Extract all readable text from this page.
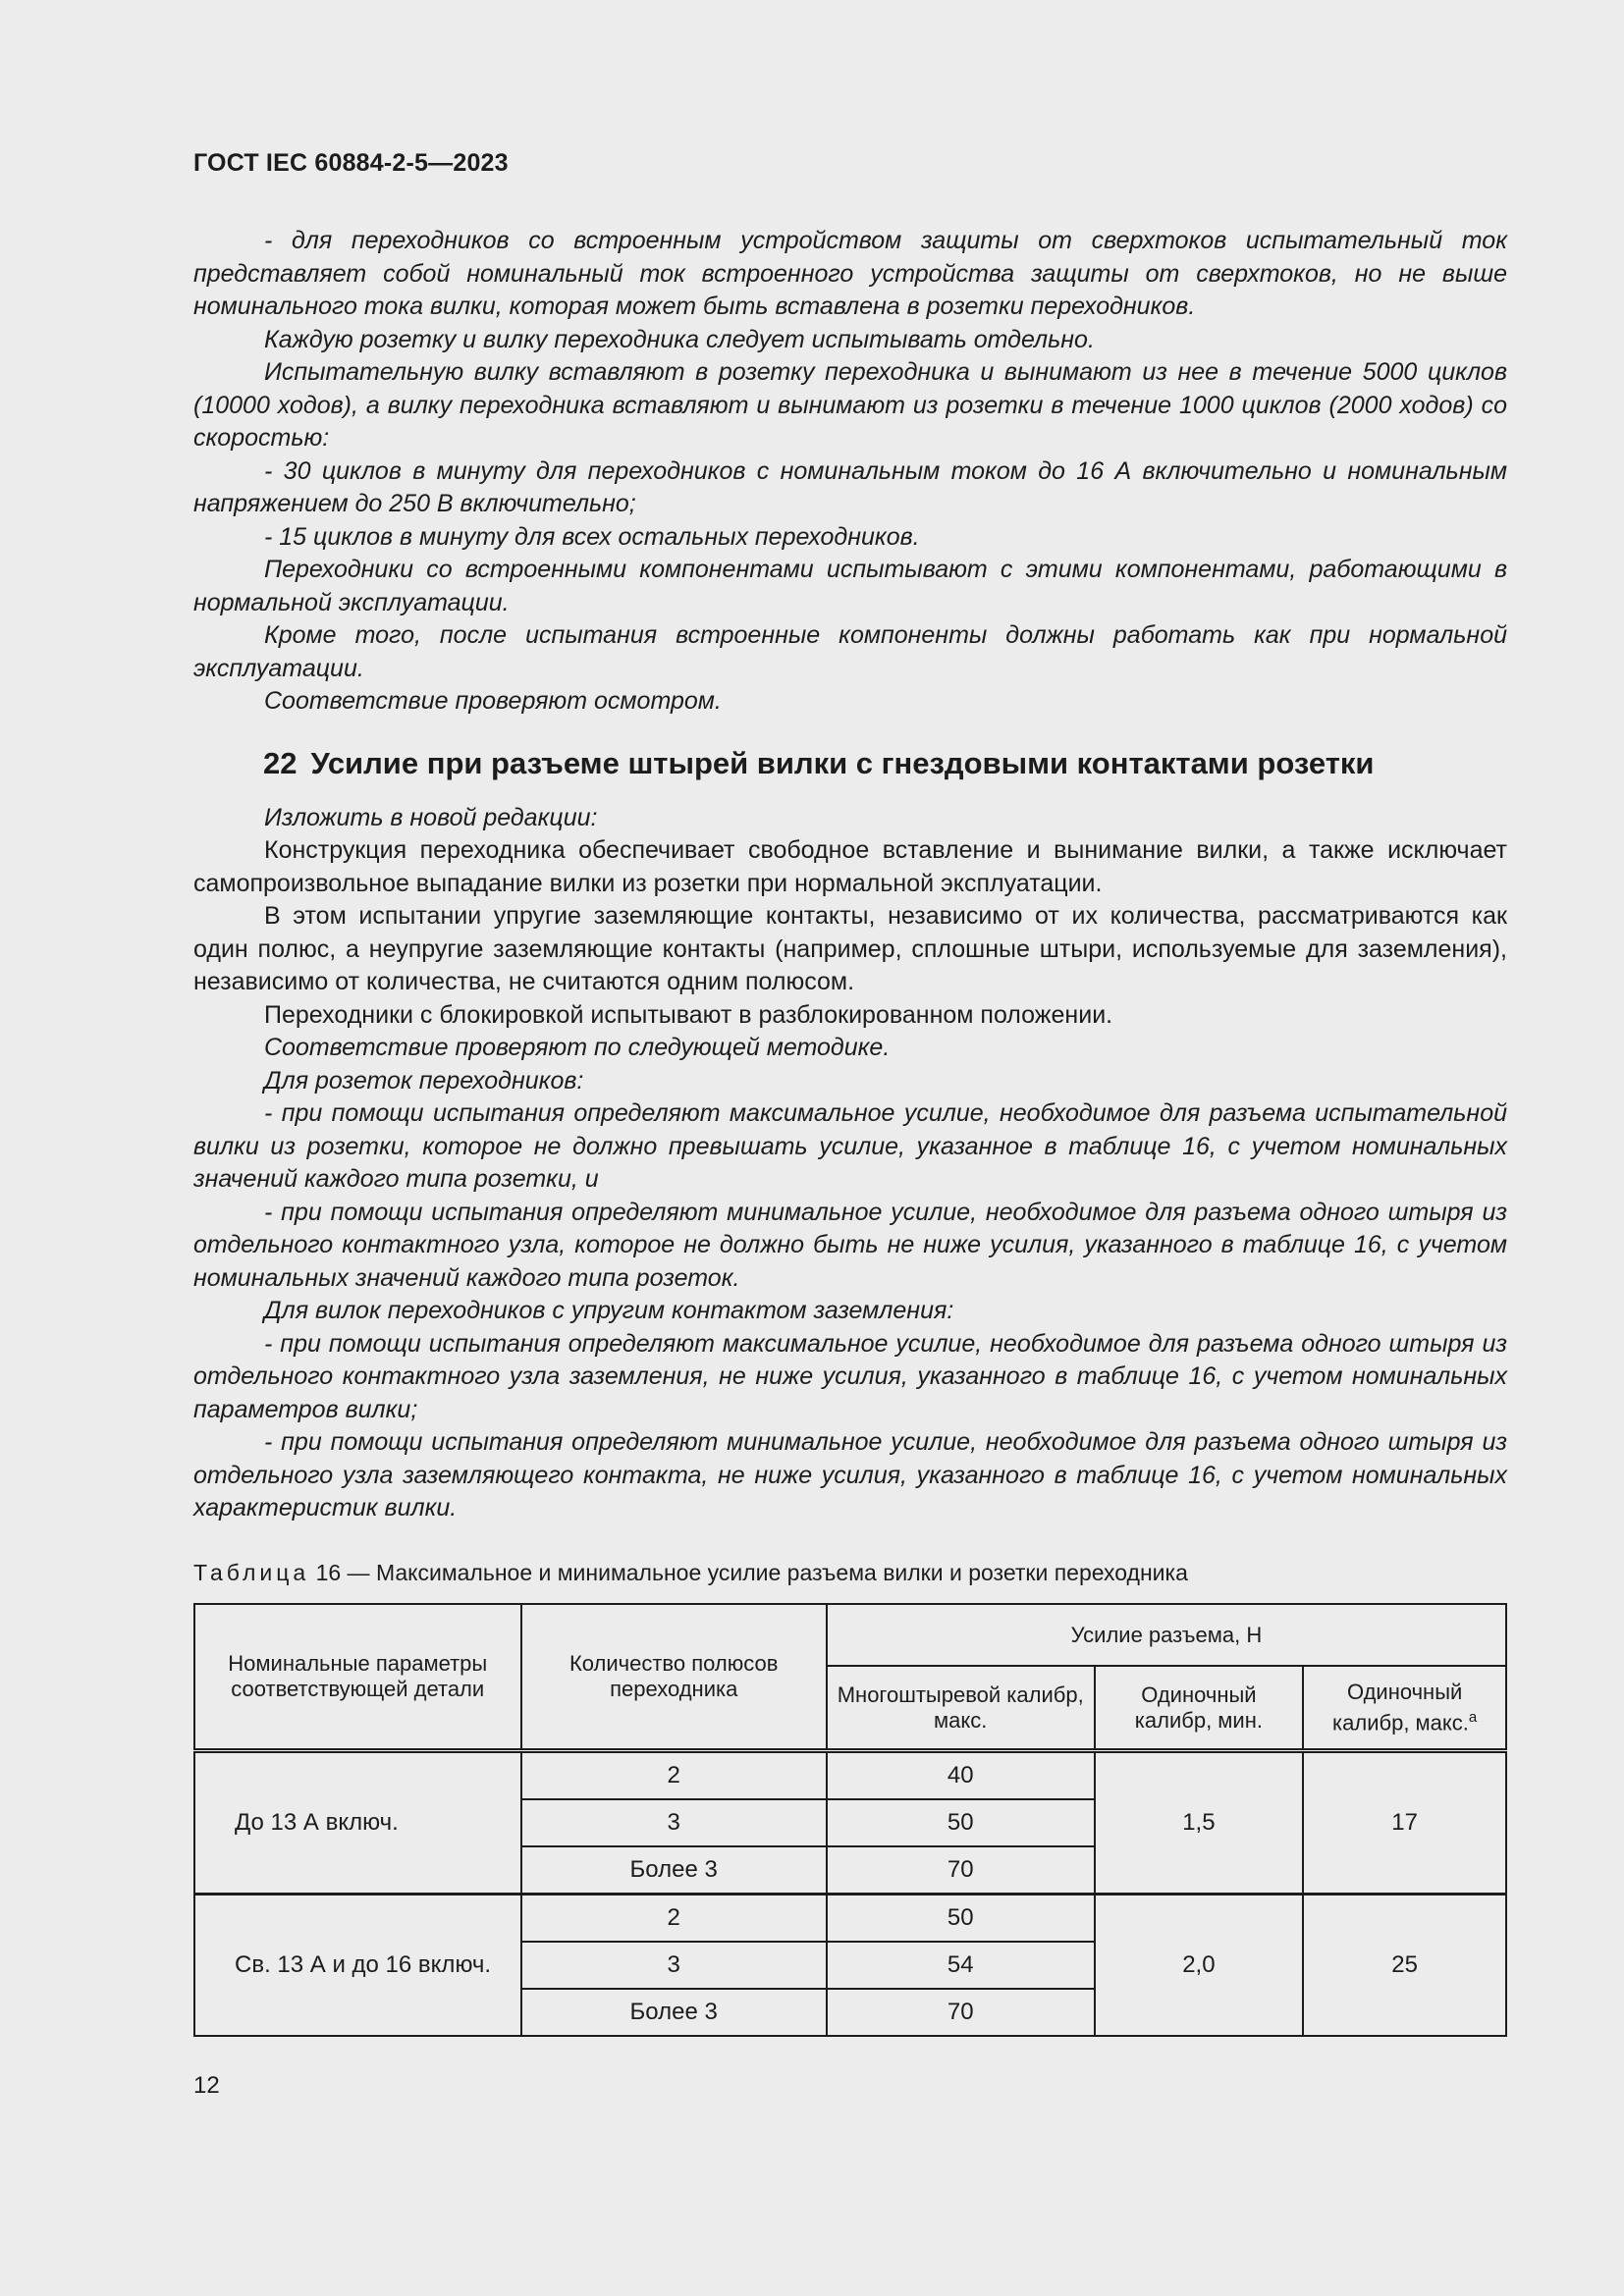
ГОСТ IEC 60884-2-5—2023

- для переходников со встроенным устройством защиты от сверхтоков испытательный ток представляет собой номинальный ток встроенного устройства защиты от сверхтоков, но не выше номинального тока вилки, которая может быть вставлена в розетки переходников.

Каждую розетку и вилку переходника следует испытывать отдельно.

Испытательную вилку вставляют в розетку переходника и вынимают из нее в течение 5000 циклов (10000 ходов), а вилку переходника вставляют и вынимают из розетки в течение 1000 циклов (2000 ходов) со скоростью:

- 30 циклов в минуту для переходников с номинальным током до 16 А включительно и номинальным напряжением до 250 В включительно;

- 15 циклов в минуту для всех остальных переходников.

Переходники со встроенными компонентами испытывают с этими компонентами, работающими в нормальной эксплуатации.

Кроме того, после испытания встроенные компоненты должны работать как при нормальной эксплуатации.

Соответствие проверяют осмотром.

22 Усилие при разъеме штырей вилки с гнездовыми контактами розетки

Изложить в новой редакции:

Конструкция переходника обеспечивает свободное вставление и вынимание вилки, а также исключает самопроизвольное выпадание вилки из розетки при нормальной эксплуатации.

В этом испытании упругие заземляющие контакты, независимо от их количества, рассматриваются как один полюс, а неупругие заземляющие контакты (например, сплошные штыри, используемые для заземления), независимо от количества, не считаются одним полюсом.

Переходники с блокировкой испытывают в разблокированном положении.

Соответствие проверяют по следующей методике.

Для розеток переходников:

- при помощи испытания определяют максимальное усилие, необходимое для разъема испытательной вилки из розетки, которое не должно превышать усилие, указанное в таблице 16, с учетом номинальных значений каждого типа розетки, и

- при помощи испытания определяют минимальное усилие, необходимое для разъема одного штыря из отдельного контактного узла, которое не должно быть не ниже усилия, указанного в таблице 16, с учетом номинальных значений каждого типа розеток.

Для вилок переходников с упругим контактом заземления:

- при помощи испытания определяют максимальное усилие, необходимое для разъема одного штыря из отдельного контактного узла заземления, не ниже усилия, указанного в таблице 16, с учетом номинальных параметров вилки;

- при помощи испытания определяют минимальное усилие, необходимое для разъема одного штыря из отдельного узла заземляющего контакта, не ниже усилия, указанного в таблице 16, с учетом номинальных характеристик вилки.

Таблица 16 — Максимальное и минимальное усилие разъема вилки и розетки переходника
Номинальные параметры соответствующей детали	Количество полюсов переходника	Усилие разъема, Н		
		Многоштыревой калибр, макс.	Одиночный калибр, мин.	Одиночный калибр, макс.$^a$
До 13 А включ.	2	40	1,5	17
	3	50		
	Более 3	70		
Св. 13 А и до 16 включ.	2	50	2,0	25
	3	54		
	Более 3	70		
12
